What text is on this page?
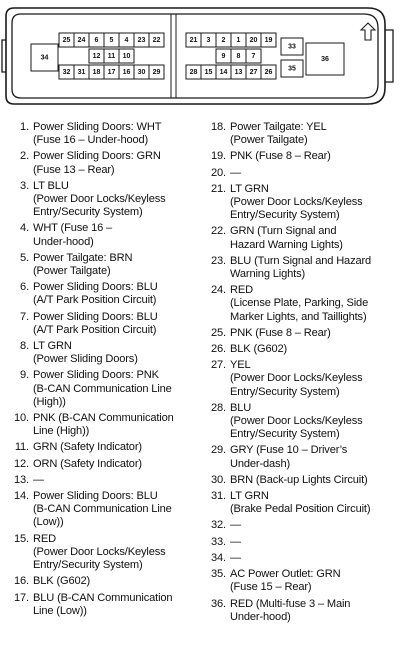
34
25 24 6 5 4 23 22
12 11 10
32 31 18 17 16 30 29
21 3 2 1 20 19
9 8 7
28 15 14 13 27 26
33
35
36
1. Power Sliding Doors: WHT
(Fuse 16 – Under-hood)
2. Power Sliding Doors: GRN
(Fuse 13 – Rear)
3. LT BLU
(Power Door Locks/Keyless
Entry/Security System)
4. WHT (Fuse 16 –
Under-hood)
5. Power Tailgate: BRN
(Power Tailgate)
6. Power Sliding Doors: BLU
(A/T Park Position Circuit)
7. Power Sliding Doors: BLU
(A/T Park Position Circuit)
8. LT GRN
(Power Sliding Doors)
9. Power Sliding Doors: PNK
(B-CAN Communication Line
(High))
10. PNK (B-CAN Communication
Line (High))
11. GRN (Safety Indicator)
12. ORN (Safety Indicator)
13. —
14. Power Sliding Doors: BLU
(B-CAN Communication Line
(Low))
15. RED
(Power Door Locks/Keyless
Entry/Security System)
16. BLK (G602)
17. BLU (B-CAN Communication
Line (Low))
18. Power Tailgate: YEL
(Power Tailgate)
19. PNK (Fuse 8 – Rear)
20. —
21. LT GRN
(Power Door Locks/Keyless
Entry/Security System)
22. GRN (Turn Signal and
Hazard Warning Lights)
23. BLU (Turn Signal and Hazard
Warning Lights)
24. RED
(License Plate, Parking, Side
Marker Lights, and Taillights)
25. PNK (Fuse 8 – Rear)
26. BLK (G602)
27. YEL
(Power Door Locks/Keyless
Entry/Security System)
28. BLU
(Power Door Locks/Keyless
Entry/Security System)
29. GRY (Fuse 10 – Driver’s
Under-dash)
30. BRN (Back-up Lights Circuit)
31. LT GRN
(Brake Pedal Position Circuit)
32. —
33. —
34. —
35. AC Power Outlet: GRN
(Fuse 15 – Rear)
36. RED (Multi-fuse 3 – Main
Under-hood)
